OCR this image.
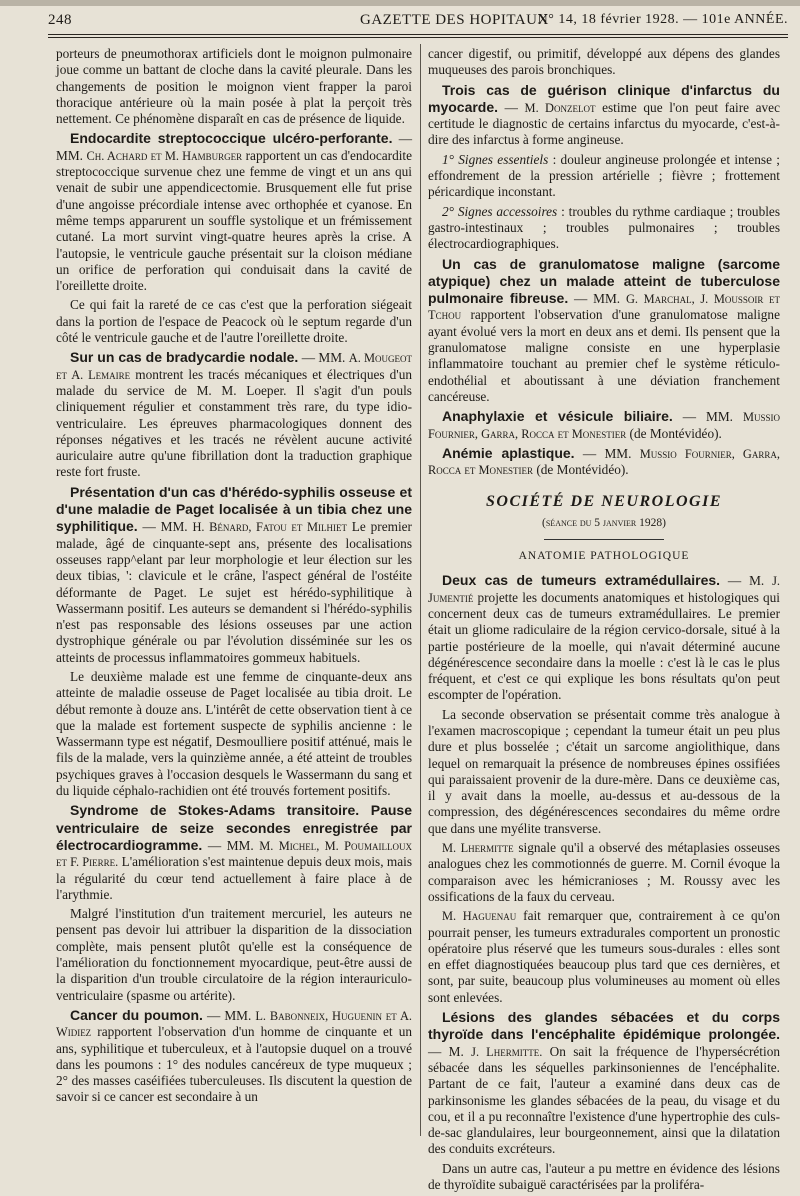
248	GAZETTE DES HOPITAUX
N° 14, 18 février 1928. — 101e ANNÉE.

porteurs de pneumothorax artificiels dont le moignon pulmonaire joue comme un battant de cloche dans la cavité pleurale. Dans les changements de position le moignon vient frapper la paroi thoracique antérieure où la main posée à plat la perçoit très nettement. Ce phénomène disparaît en cas de présence de liquide.

Endocardite streptococcique ulcéro-perforante. — MM. Ch. Achard et M. Hamburger rapportent un cas d'endocardite streptococcique survenue chez une femme de vingt et un ans qui venait de subir une appendicectomie. Brusquement elle fut prise d'une angoisse précordiale intense avec orthophée et cyanose. En même temps apparurent un souffle systolique et un frémissement cutané. La mort survint vingt-quatre heures après la crise. A l'autopsie, le ventricule gauche présentait sur la cloison médiane un orifice de perforation qui conduisait dans la cavité de l'oreillette droite.

Ce qui fait la rareté de ce cas c'est que la perforation siégeait dans la portion de l'espace de Peacock où le septum regarde d'un côté le ventricule gauche et de l'autre l'oreillette droite.

Sur un cas de bradycardie nodale. — MM. A. Mougeot et A. Lemaire montrent les tracés mécaniques et électriques d'un malade du service de M. M. Loeper. Il s'agit d'un pouls cliniquement régulier et constamment très rare, du type idio-ventriculaire. Les épreuves pharmacologiques donnent des réponses négatives et les tracés ne révèlent aucune activité auriculaire autre qu'une fibrillation dont la traduction graphique reste fort fruste.

Présentation d'un cas d'hérédo-syphilis osseuse et d'une maladie de Paget localisée à un tibia chez une syphilitique. — MM. H. Bénard, Fatou et Milhiet Le premier malade, âgé de cinquante-sept ans, présente des localisations osseuses rapp^elant par leur morphologie et leur élection sur les deux tibias, ': clavicule et le crâne, l'aspect général de l'ostéite déformante de Paget. Le sujet est hérédo-syphilitique à Wassermann positif. Les auteurs se demandent si l'hérédo-syphilis n'est pas responsable des lésions osseuses par une action dystrophique générale ou par l'évolution disséminée sur les os atteints de processus inflammatoires gommeux habituels.

Le deuxième malade est une femme de cinquante-deux ans atteinte de maladie osseuse de Paget localisée au tibia droit. Le début remonte à douze ans. L'intérêt de cette observation tient à ce que la malade est fortement suspecte de syphilis ancienne : le Wassermann type est négatif, Desmoulliere positif atténué, mais le fils de la malade, vers la quinzième année, a été atteint de troubles psychiques graves à l'occasion desquels le Wassermann du sang et du liquide céphalo-rachidien ont été trouvés fortement positifs.

Syndrome de Stokes-Adams transitoire. Pause ventriculaire de seize secondes enregistrée par électrocardiogramme. — MM. M. Michel, M. Poumailloux et F. Pierre. L'amélioration s'est maintenue depuis deux mois, mais la régularité du cœur tend actuellement à faire place à de l'arythmie.

Malgré l'institution d'un traitement mercuriel, les auteurs ne pensent pas devoir lui attribuer la disparition de la dissociation complète, mais pensent plutôt qu'elle est la conséquence de l'amélioration du fonctionnement myocardique, peut-être aussi de la disparition d'un trouble circulatoire de la région interauriculo-ventriculaire (spasme ou artérite).

Cancer du poumon. — MM. L. Babonneix, Huguenin et A. Widiez rapportent l'observation d'un homme de cinquante et un ans, syphilitique et tuberculeux, et à l'autopsie duquel on a trouvé dans les poumons : 1° des nodules cancéreux de type muqueux ; 2° des masses caséifiées tuberculeuses. Ils discutent la question de savoir si ce cancer est secondaire à un

cancer digestif, ou primitif, développé aux dépens des glandes muqueuses des parois bronchiques.

Trois cas de guérison clinique d'infarctus du myocarde. — M. Donzelot estime que l'on peut faire avec certitude le diagnostic de certains infarctus du myocarde, c'est-à-dire des infarctus à forme angineuse.

1° Signes essentiels : douleur angineuse prolongée et intense ; effondrement de la pression artérielle ; fièvre ; frottement péricardique inconstant.

2° Signes accessoires : troubles du rythme cardiaque ; troubles gastro-intestinaux ; troubles pulmonaires ; troubles électrocardiographiques.

Un cas de granulomatose maligne (sarcome atypique) chez un malade atteint de tuberculose pulmonaire fibreuse. — MM. G. Marchal, J. Moussoir et Tchou rapportent l'observation d'une granulomatose maligne ayant évolué vers la mort en deux ans et demi. Ils pensent que la granulomatose maligne consiste en une hyperplasie inflammatoire touchant au premier chef le système réticulo-endothélial et aboutissant à une déviation franchement cancéreuse.

Anaphylaxie et vésicule biliaire. — MM. Mussio Fournier, Garra, Rocca et Monestier (de Montévidéo).

Anémie aplastique. — MM. Mussio Fournier, Garra, Rocca et Monestier (de Montévidéo).

SOCIÉTÉ DE NEUROLOGIE
(séance du 5 janvier 1928)
ANATOMIE PATHOLOGIQUE

Deux cas de tumeurs extramédullaires. — M. J. Jumentié projette les documents anatomiques et histologiques qui concernent deux cas de tumeurs extramédullaires. Le premier était un gliome radiculaire de la région cervico-dorsale, situé à la partie postérieure de la moelle, qui n'avait déterminé aucune dégénérescence secondaire dans la moelle : c'est là le cas le plus fréquent, et c'est ce qui explique les bons résultats qu'on peut escompter de l'opération.

La seconde observation se présentait comme très analogue à l'examen macroscopique ; cependant la tumeur était un peu plus dure et plus bosselée ; c'était un sarcome angiolithique, dans lequel on remarquait la présence de nombreuses épines ossifiées qui paraissaient provenir de la dure-mère. Dans ce deuxième cas, il y avait dans la moelle, au-dessus et au-dessous de la compression, des dégénérescences secondaires du même ordre que dans une myélite transverse.

M. Lhermitte signale qu'il a observé des métaplasies osseuses analogues chez les commotionnés de guerre. M. Cornil évoque la comparaison avec les hémicranioses ; M. Roussy avec les ossifications de la faux du cerveau.

M. Haguenau fait remarquer que, contrairement à ce qu'on pourrait penser, les tumeurs extradurales comportent un pronostic opératoire plus réservé que les tumeurs sous-durales : elles sont en effet diagnostiquées beaucoup plus tard que ces dernières, et sont, par suite, beaucoup plus volumineuses au moment où elles sont enlevées.

Lésions des glandes sébacées et du corps thyroïde dans l'encéphalite épidémique prolongée. — M. J. Lhermitte. On sait la fréquence de l'hypersécrétion sébacée dans les séquelles parkinsoniennes de l'encéphalite. Partant de ce fait, l'auteur a examiné dans deux cas de parkinsonisme les glandes sébacées de la peau, du visage et du cou, et il a pu reconnaître l'existence d'une hypertrophie des culs-de-sac glandulaires, leur bourgeonnement, ainsi que la dilatation des conduits excréteurs.

Dans un autre cas, l'auteur a pu mettre en évidence des lésions de thyroïdite subaiguë caractérisées par la proliféra-
